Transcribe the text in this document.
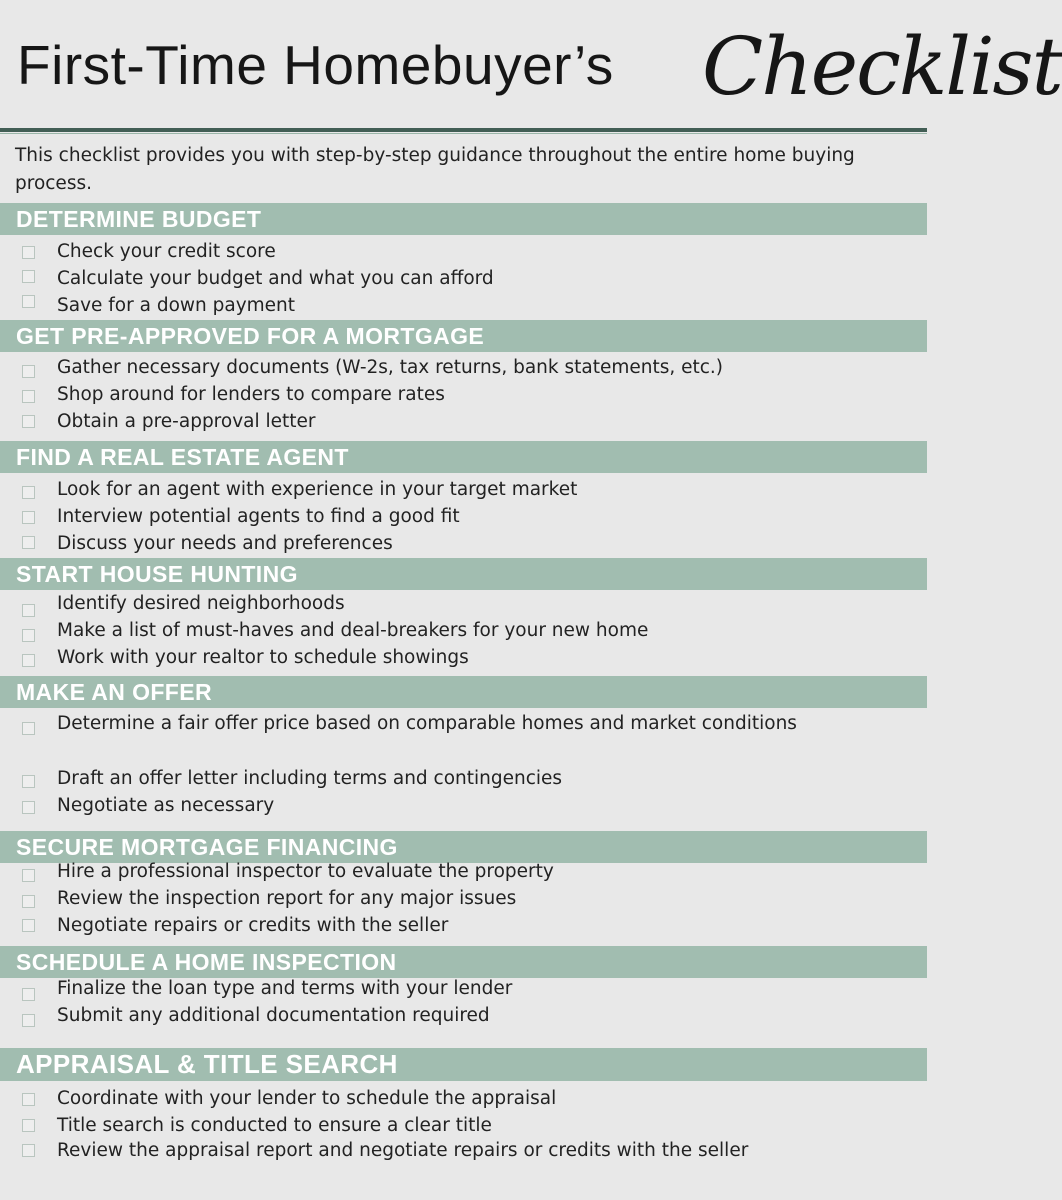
First-Time Homebuyer’s Checklist
This checklist provides you with step-by-step guidance throughout the entire home buying process.
DETERMINE BUDGET
Check your credit score
Calculate your budget and what you can afford
Save for a down payment
GET PRE-APPROVED FOR A MORTGAGE
Gather necessary documents (W-2s, tax returns, bank statements, etc.)
Shop around for lenders to compare rates
Obtain a pre-approval letter
FIND A REAL ESTATE AGENT
Look for an agent with experience in your target market
Interview potential agents to find a good fit
Discuss your needs and preferences
START HOUSE HUNTING
Identify desired neighborhoods
Make a list of must-haves and deal-breakers for your new home
Work with your realtor to schedule showings
MAKE AN OFFER
Determine a fair offer price based on comparable homes and market conditions
Draft an offer letter including terms and contingencies
Negotiate as necessary
SECURE MORTGAGE FINANCING
Hire a professional inspector to evaluate the property
Review the inspection report for any major issues
Negotiate repairs or credits with the seller
SCHEDULE A HOME INSPECTION
Finalize the loan type and terms with your lender
Submit any additional documentation required
APPRAISAL & TITLE SEARCH
Coordinate with your lender to schedule the appraisal
Title search is conducted to ensure a clear title
Review the appraisal report and negotiate repairs or credits with the seller
